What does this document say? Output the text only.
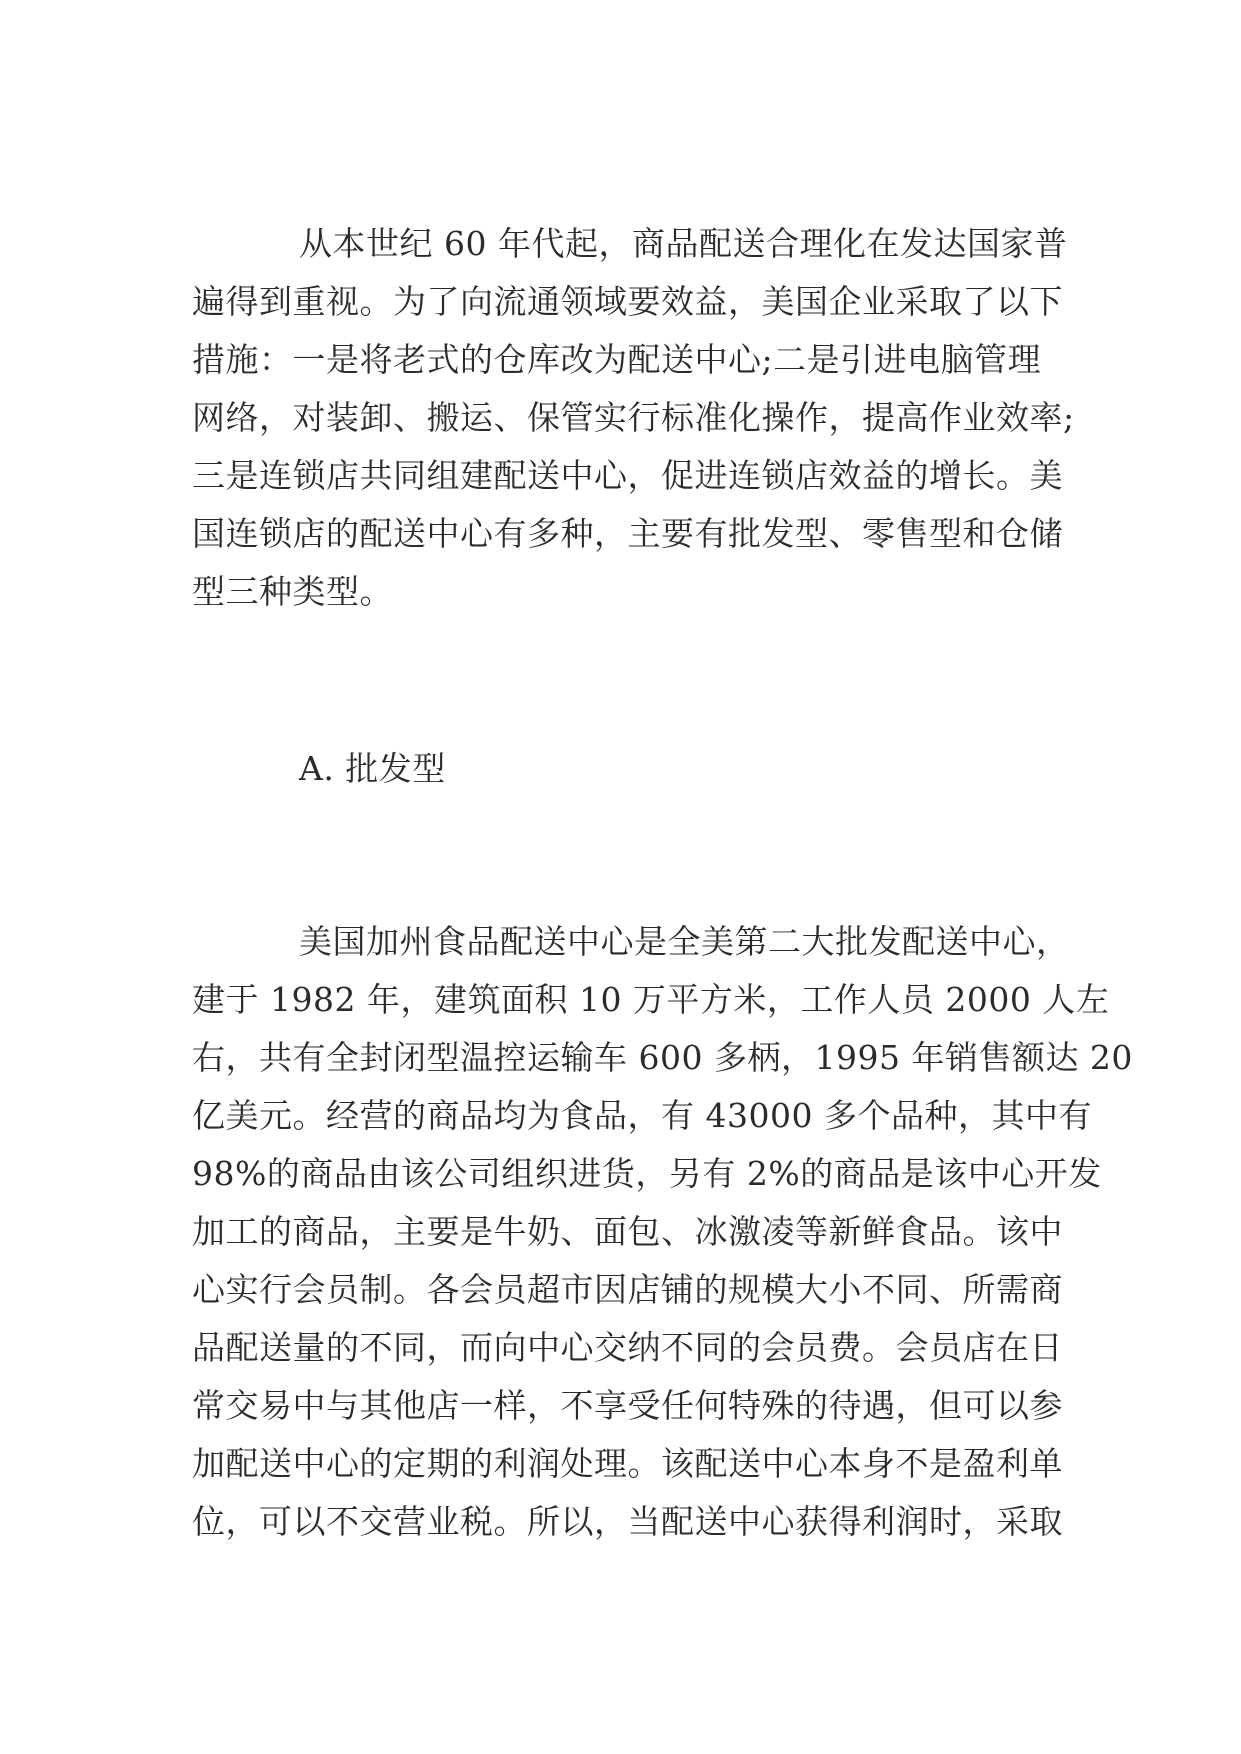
从本世纪 60 年代起，商品配送合理化在发达国家普
遍得到重视。为了向流通领域要效益，美国企业采取了以下
措施：一是将老式的仓库改为配送中心;二是引进电脑管理
网络，对装卸、搬运、保管实行标准化操作，提高作业效率;
三是连锁店共同组建配送中心，促进连锁店效益的增长。美
国连锁店的配送中心有多种，主要有批发型、零售型和仓储
型三种类型。
A. 批发型
美国加州食品配送中心是全美第二大批发配送中心，
建于 1982 年，建筑面积 10 万平方米，工作人员 2000 人左
右，共有全封闭型温控运输车 600 多柄，1995 年销售额达 20
亿美元。经营的商品均为食品，有 43000 多个品种，其中有
98%的商品由该公司组织进货，另有 2%的商品是该中心开发
加工的商品，主要是牛奶、面包、冰激凌等新鲜食品。该中
心实行会员制。各会员超市因店铺的规模大小不同、所需商
品配送量的不同，而向中心交纳不同的会员费。会员店在日
常交易中与其他店一样，不享受任何特殊的待遇，但可以参
加配送中心的定期的利润处理。该配送中心本身不是盈利单
位，可以不交营业税。所以，当配送中心获得利润时，采取
